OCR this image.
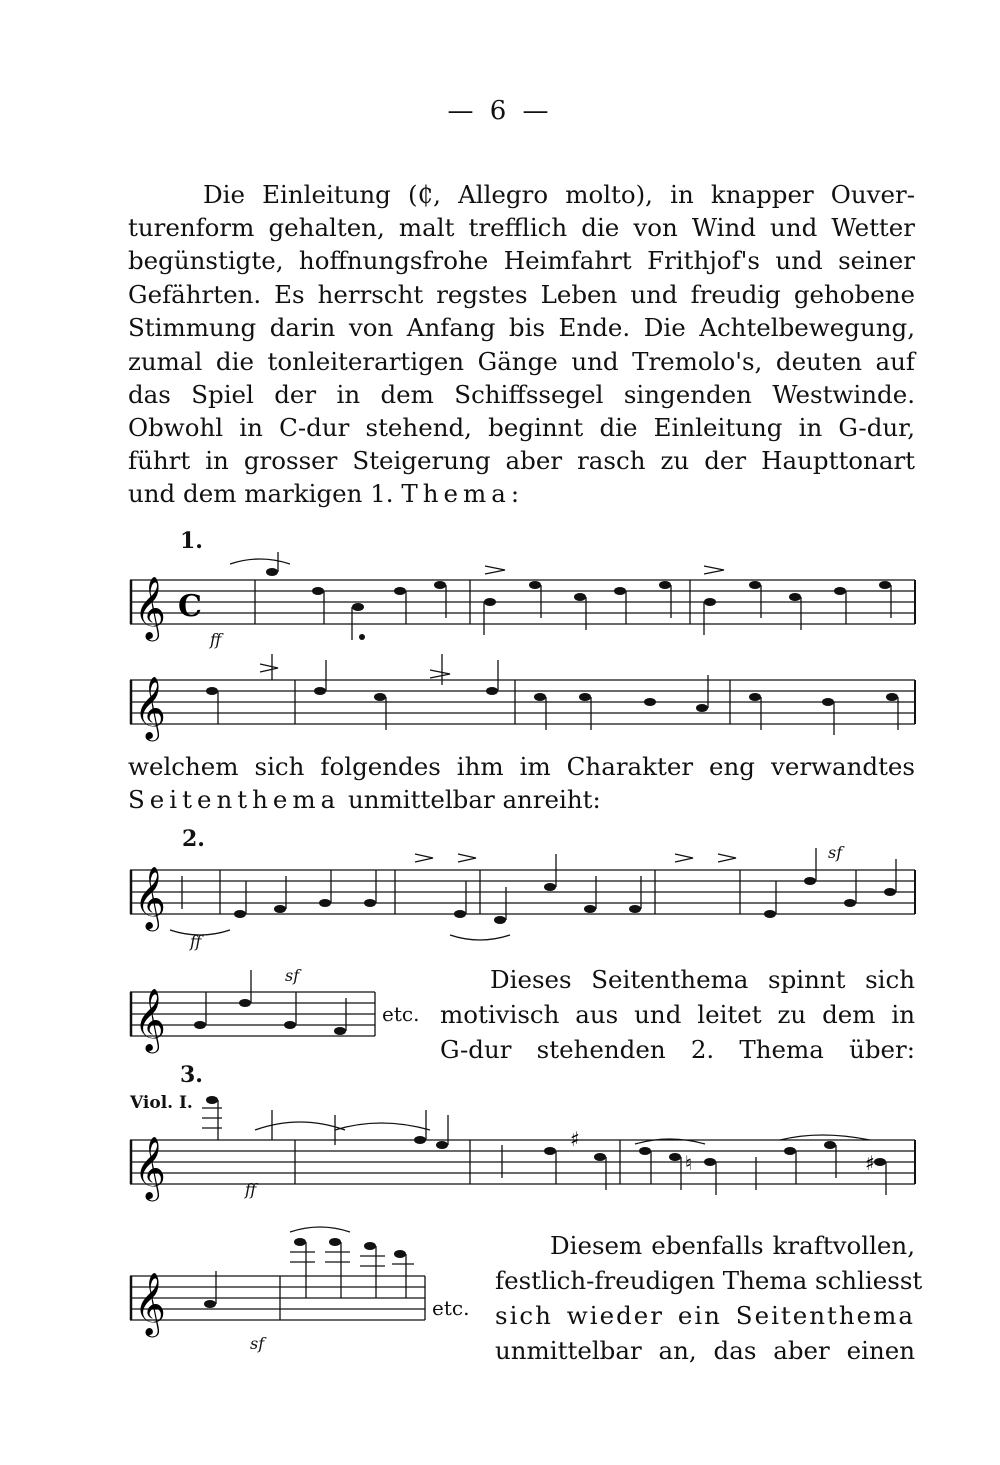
— 6 —
Die Einleitung (₵, Allegro molto), in knapper Ouver-
turenform gehalten, malt trefflich die von Wind und Wetter
begünstigte, hoffnungsfrohe Heimfahrt Frithjof's und seiner
Gefährten. Es herrscht regstes Leben und freudig gehobene
Stimmung darin von Anfang bis Ende. Die Achtelbewegung,
zumal die tonleiterartigen Gänge und Tremolo's, deuten auf
das Spiel der in dem Schiffssegel singenden Westwinde.
Obwohl in C-dur stehend, beginnt die Einleitung in G-dur,
führt in grosser Steigerung aber rasch zu der Haupttonart
und dem markigen 1. Thema:
1.
𝄞 C
ff
𝄞
welchem sich folgendes ihm im Charakter eng verwandtes
Seitenthema unmittelbar anreiht:
2.
sf
𝄞
ff
𝄞
sf
etc.
Dieses Seitenthema spinnt sich
motivisch aus und leitet zu dem in
G-dur stehenden 2. Thema über:
3.
Viol. I.
𝄞	♯
♮	♯
ff
𝄞
sf
etc.
Diesem ebenfalls kraftvollen,
festlich-freudigen Thema schliesst
sich wieder ein Seitenthema
unmittelbar an, das aber einen
